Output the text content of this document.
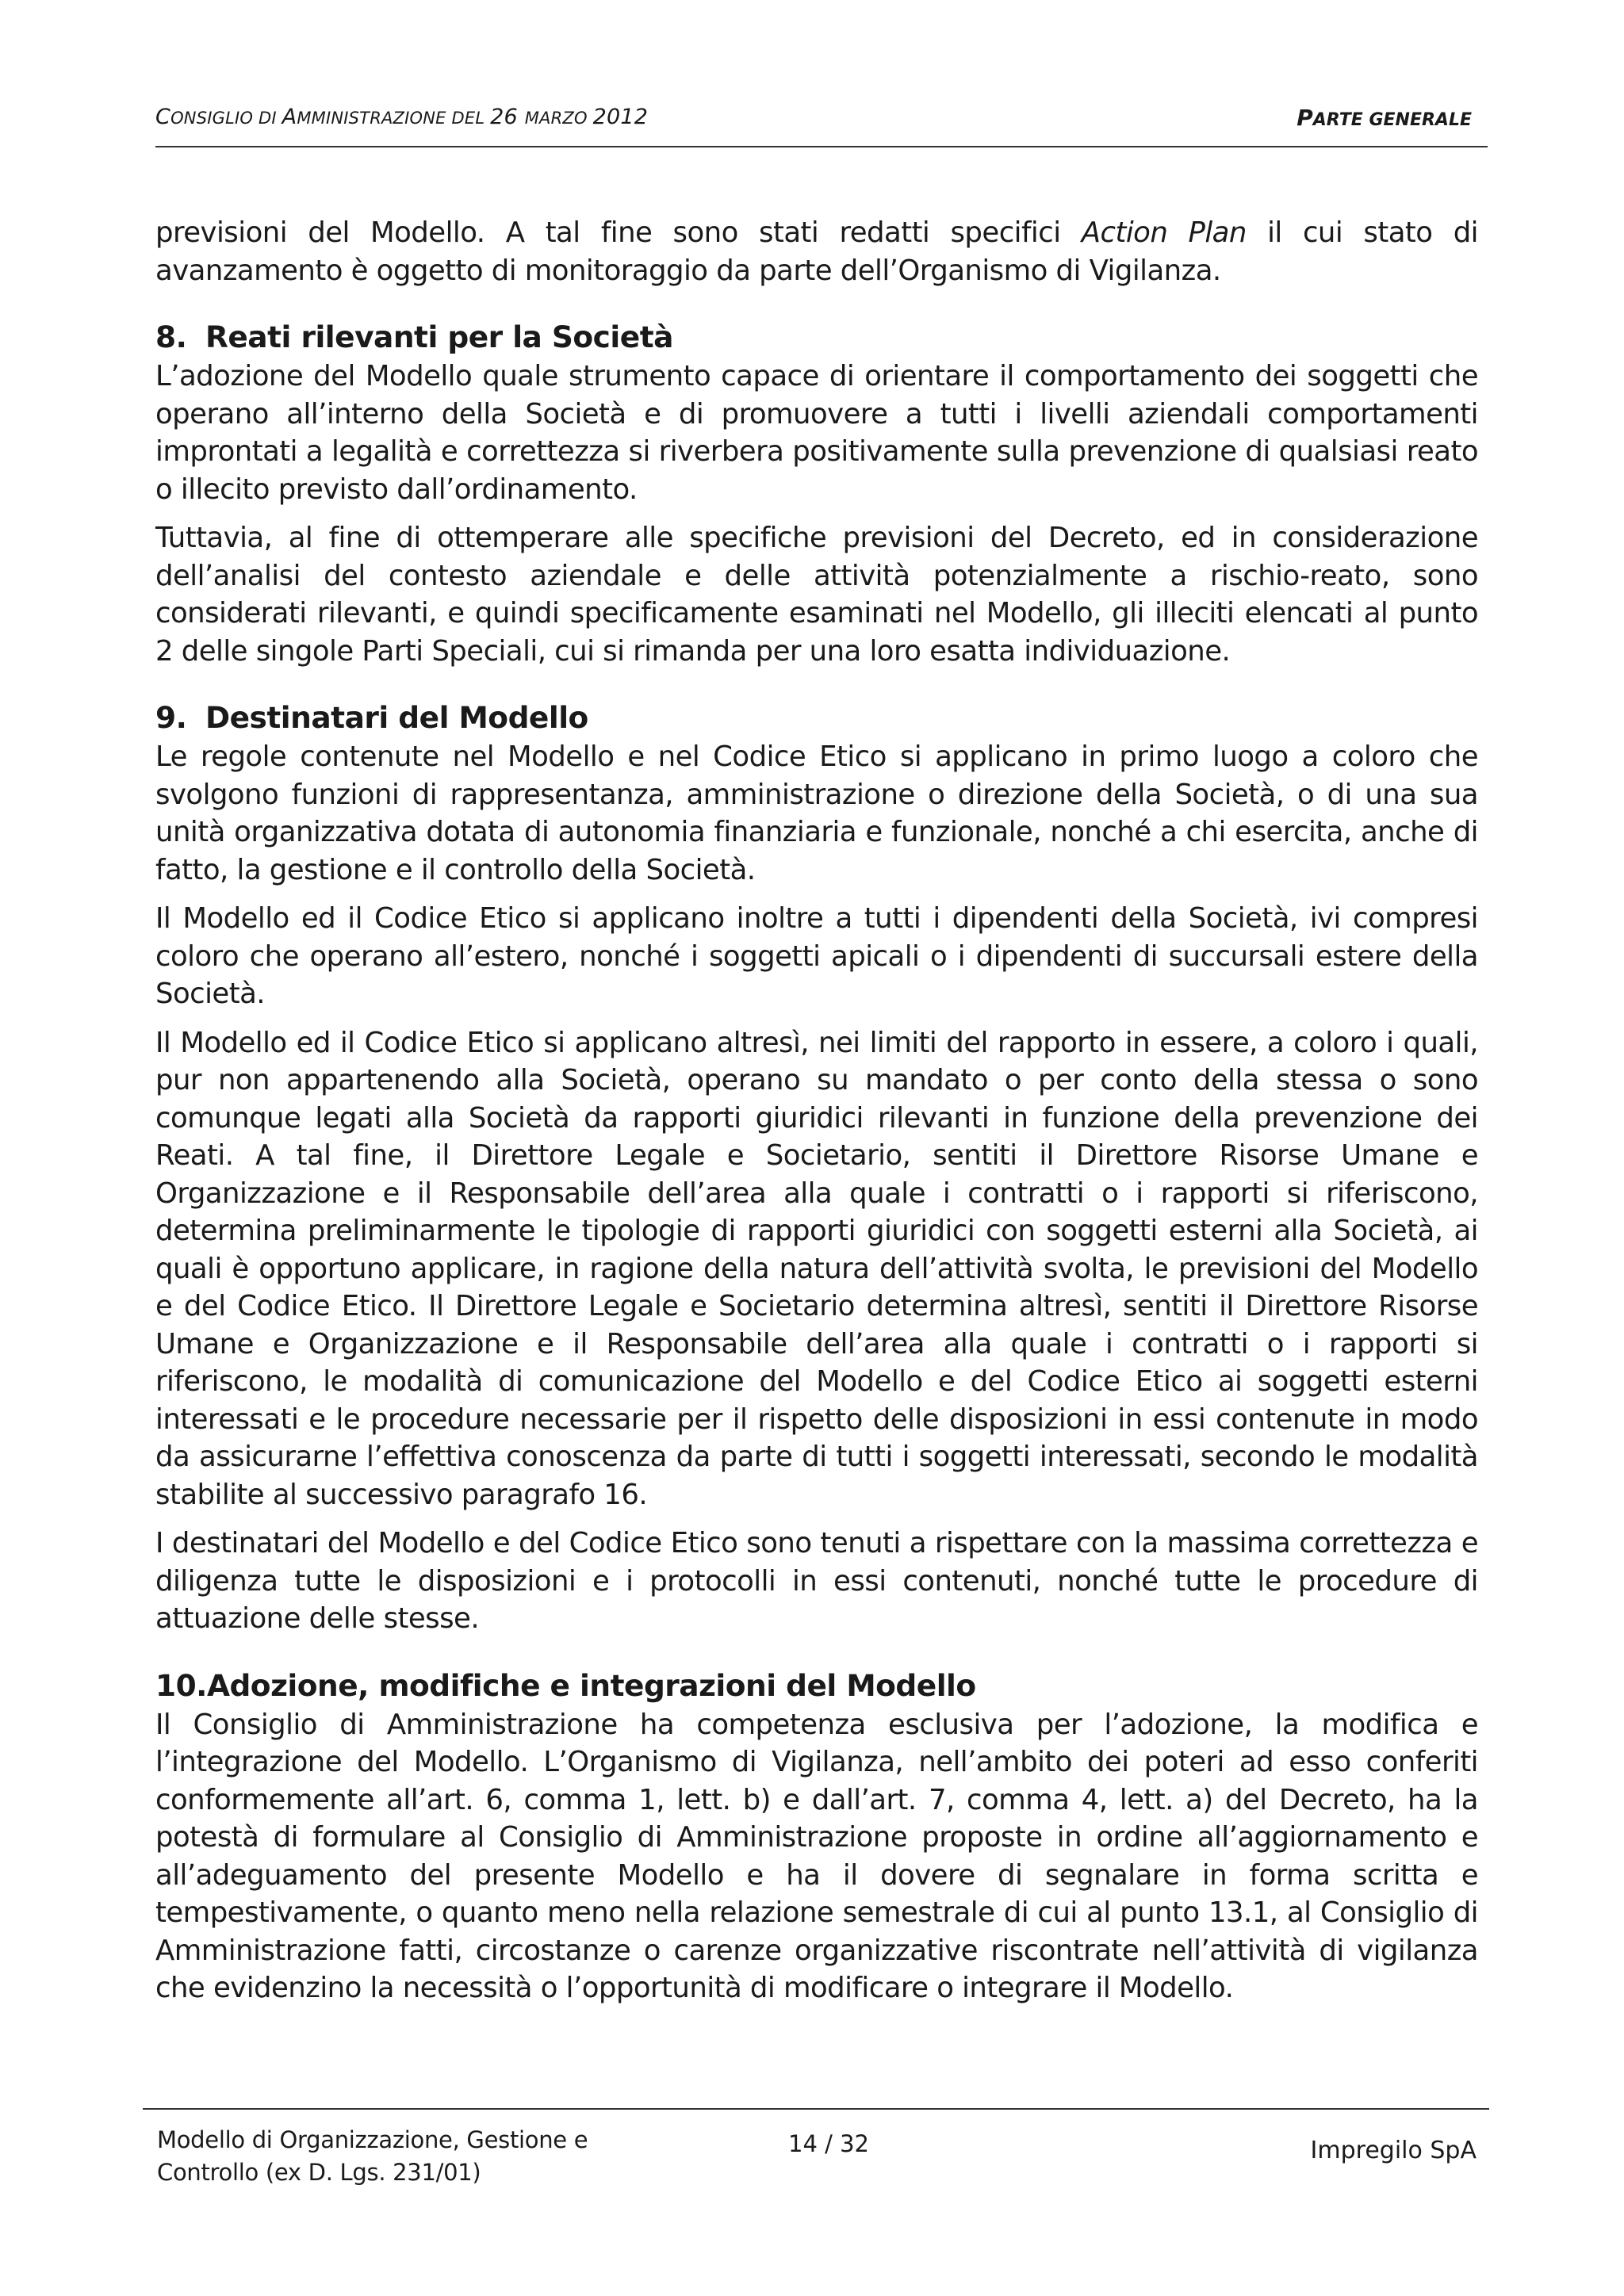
CONSIGLIO DI AMMINISTRAZIONE DEL 26 MARZO 2012	PARTE GENERALE

previsioni del Modello. A tal fine sono stati redatti specifici Action Plan il cui stato di avanzamento è oggetto di monitoraggio da parte dell’Organismo di Vigilanza.

8. Reati rilevanti per la Società

L’adozione del Modello quale strumento capace di orientare il comportamento dei soggetti che operano all’interno della Società e di promuovere a tutti i livelli aziendali comportamenti improntati a legalità e correttezza si riverbera positivamente sulla prevenzione di qualsiasi reato o illecito previsto dall’ordinamento.

Tuttavia, al fine di ottemperare alle specifiche previsioni del Decreto, ed in considerazione dell’analisi del contesto aziendale e delle attività potenzialmente a rischio-reato, sono considerati rilevanti, e quindi specificamente esaminati nel Modello, gli illeciti elencati al punto 2 delle singole Parti Speciali, cui si rimanda per una loro esatta individuazione.

9. Destinatari del Modello

Le regole contenute nel Modello e nel Codice Etico si applicano in primo luogo a coloro che svolgono funzioni di rappresentanza, amministrazione o direzione della Società, o di una sua unità organizzativa dotata di autonomia finanziaria e funzionale, nonché a chi esercita, anche di fatto, la gestione e il controllo della Società.

Il Modello ed il Codice Etico si applicano inoltre a tutti i dipendenti della Società, ivi compresi coloro che operano all’estero, nonché i soggetti apicali o i dipendenti di succursali estere della Società.

Il Modello ed il Codice Etico si applicano altresì, nei limiti del rapporto in essere, a coloro i quali, pur non appartenendo alla Società, operano su mandato o per conto della stessa o sono comunque legati alla Società da rapporti giuridici rilevanti in funzione della prevenzione dei Reati. A tal fine, il Direttore Legale e Societario, sentiti il Direttore Risorse Umane e Organizzazione e il Responsabile dell’area alla quale i contratti o i rapporti si riferiscono, determina preliminarmente le tipologie di rapporti giuridici con soggetti esterni alla Società, ai quali è opportuno applicare, in ragione della natura dell’attività svolta, le previsioni del Modello e del Codice Etico. Il Direttore Legale e Societario determina altresì, sentiti il Direttore Risorse Umane e Organizzazione e il Responsabile dell’area alla quale i contratti o i rapporti si riferiscono, le modalità di comunicazione del Modello e del Codice Etico ai soggetti esterni interessati e le procedure necessarie per il rispetto delle disposizioni in essi contenute in modo da assicurarne l’effettiva conoscenza da parte di tutti i soggetti interessati, secondo le modalità stabilite al successivo paragrafo 16.

I destinatari del Modello e del Codice Etico sono tenuti a rispettare con la massima correttezza e diligenza tutte le disposizioni e i protocolli in essi contenuti, nonché tutte le procedure di attuazione delle stesse.

10.Adozione, modifiche e integrazioni del Modello

Il Consiglio di Amministrazione ha competenza esclusiva per l’adozione, la modifica e l’integrazione del Modello. L’Organismo di Vigilanza, nell’ambito dei poteri ad esso conferiti conformemente all’art. 6, comma 1, lett. b) e dall’art. 7, comma 4, lett. a) del Decreto, ha la potestà di formulare al Consiglio di Amministrazione proposte in ordine all’aggiornamento e all’adeguamento del presente Modello e ha il dovere di segnalare in forma scritta e tempestivamente, o quanto meno nella relazione semestrale di cui al punto 13.1, al Consiglio di Amministrazione fatti, circostanze o carenze organizzative riscontrate nell’attività di vigilanza che evidenzino la necessità o l’opportunità di modificare o integrare il Modello.

Modello di Organizzazione, Gestione e
Controllo (ex D. Lgs. 231/01)
14 / 32	Impregilo SpA
